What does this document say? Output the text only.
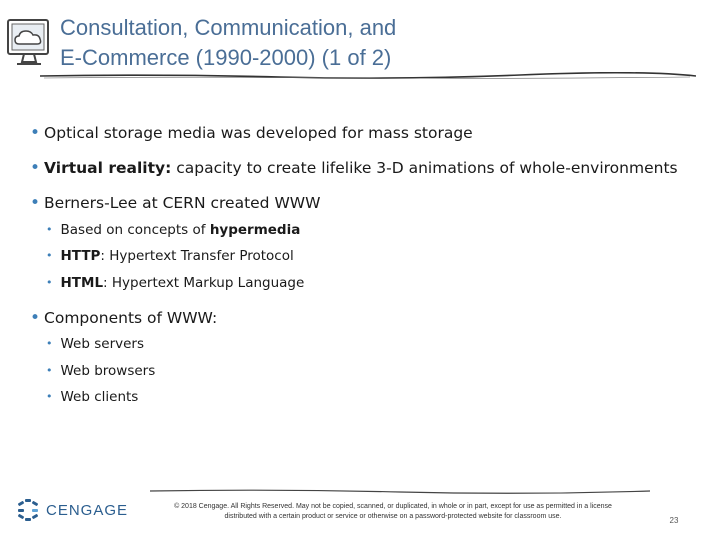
Consultation, Communication, and
E-Commerce (1990-2000) (1 of 2)
• Optical storage media was developed for mass storage
• Virtual reality: capacity to create lifelike 3-D animations of whole-environments
• Berners-Lee at CERN created WWW
• Based on concepts of hypermedia
• HTTP: Hypertext Transfer Protocol
• HTML: Hypertext Markup Language
• Components of WWW:
• Web servers
• Web browsers
• Web clients
CENGAGE	© 2018 Cengage. All Rights Reserved. May not be copied, scanned, or duplicated, in whole or in part, except for use as permitted in a license
distributed with a certain product or service or otherwise on a password-protected website for classroom use.	23
